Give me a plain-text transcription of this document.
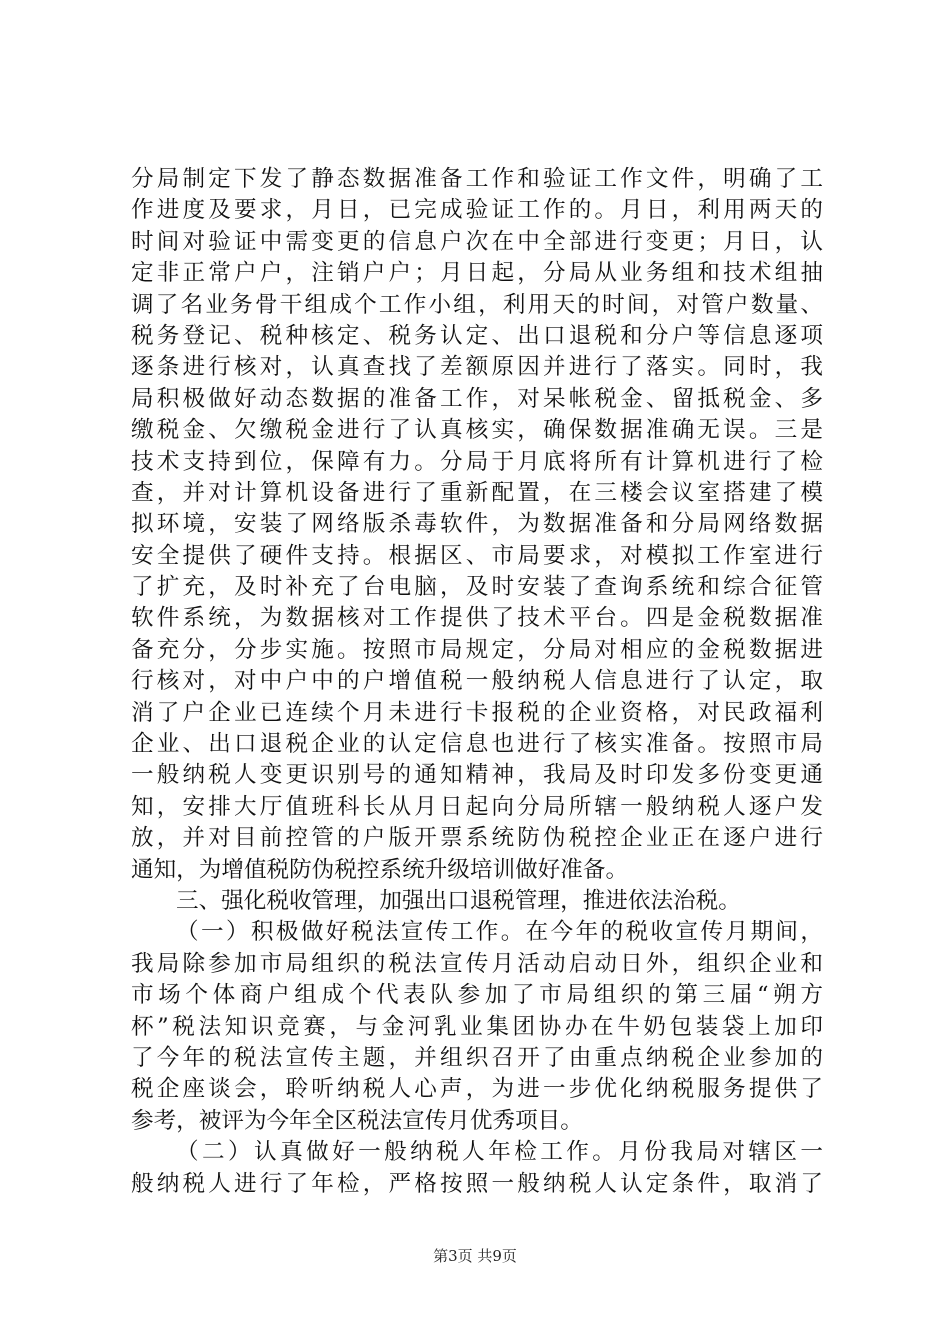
分局制定下发了静态数据准备工作和验证工作文件，明确了工
作进度及要求，月日，已完成验证工作的。月日，利用两天的
时间对验证中需变更的信息户次在中全部进行变更；月日，认
定非正常户户，注销户户；月日起，分局从业务组和技术组抽
调了名业务骨干组成个工作小组，利用天的时间，对管户数量、
税务登记、税种核定、税务认定、出口退税和分户等信息逐项
逐条进行核对，认真查找了差额原因并进行了落实。同时，我
局积极做好动态数据的准备工作，对呆帐税金、留抵税金、多
缴税金、欠缴税金进行了认真核实，确保数据准确无误。三是
技术支持到位，保障有力。分局于月底将所有计算机进行了检
查，并对计算机设备进行了重新配置，在三楼会议室搭建了模
拟环境，安装了网络版杀毒软件，为数据准备和分局网络数据
安全提供了硬件支持。根据区、市局要求，对模拟工作室进行
了扩充，及时补充了台电脑，及时安装了查询系统和综合征管
软件系统，为数据核对工作提供了技术平台。四是金税数据准
备充分，分步实施。按照市局规定，分局对相应的金税数据进
行核对，对中户中的户增值税一般纳税人信息进行了认定，取
消了户企业已连续个月未进行卡报税的企业资格，对民政福利
企业、出口退税企业的认定信息也进行了核实准备。按照市局
一般纳税人变更识别号的通知精神，我局及时印发多份变更通
知，安排大厅值班科长从月日起向分局所辖一般纳税人逐户发
放，并对目前控管的户版开票系统防伪税控企业正在逐户进行
通知，为增值税防伪税控系统升级培训做好准备。
三、强化税收管理，加强出口退税管理，推进依法治税。
（一）积极做好税法宣传工作。在今年的税收宣传月期间，
我局除参加市局组织的税法宣传月活动启动日外，组织企业和
市场个体商户组成个代表队参加了市局组织的第三届“朔方
杯”税法知识竞赛，与金河乳业集团协办在牛奶包装袋上加印
了今年的税法宣传主题，并组织召开了由重点纳税企业参加的
税企座谈会，聆听纳税人心声，为进一步优化纳税服务提供了
参考，被评为今年全区税法宣传月优秀项目。
（二）认真做好一般纳税人年检工作。月份我局对辖区一
般纳税人进行了年检，严格按照一般纳税人认定条件，取消了
第3页 共9页
